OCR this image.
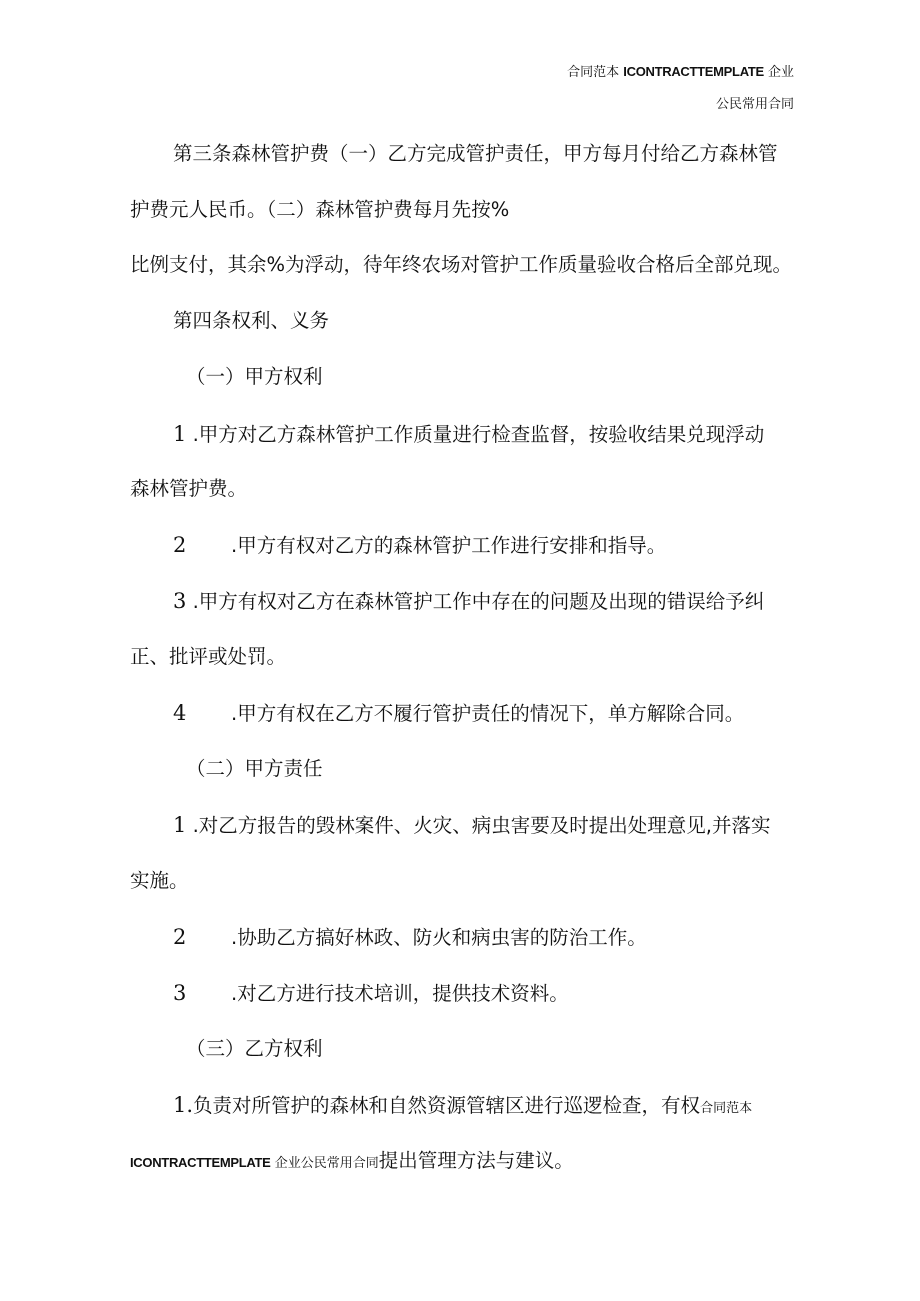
合同范本 ICONTRACTTEMPLATE 企业
公民常用合同
第三条森林管护费（一）乙方完成管护责任，甲方每月付给乙方森林管
护费元人民币。（二）森林管护费每月先按%
比例支付，其余%为浮动，待年终农场对管护工作质量验收合格后全部兑现。
第四条权利、义务
（一）甲方权利
1 .甲方对乙方森林管护工作质量进行检查监督，按验收结果兑现浮动
森林管护费。
2 .甲方有权对乙方的森林管护工作进行安排和指导。
3 .甲方有权对乙方在森林管护工作中存在的问题及出现的错误给予纠
正、批评或处罚。
4 .甲方有权在乙方不履行管护责任的情况下，单方解除合同。
（二）甲方责任
1 .对乙方报告的毁林案件、火灾、病虫害要及时提出处理意见,并落实
实施。
2 .协助乙方搞好林政、防火和病虫害的防治工作。
3 .对乙方进行技术培训，提供技术资料。
（三）乙方权利
1.负责对所管护的森林和自然资源管辖区进行巡逻检查，有权合同范本
ICONTRACTTEMPLATE 企业公民常用合同提出管理方法与建议。
